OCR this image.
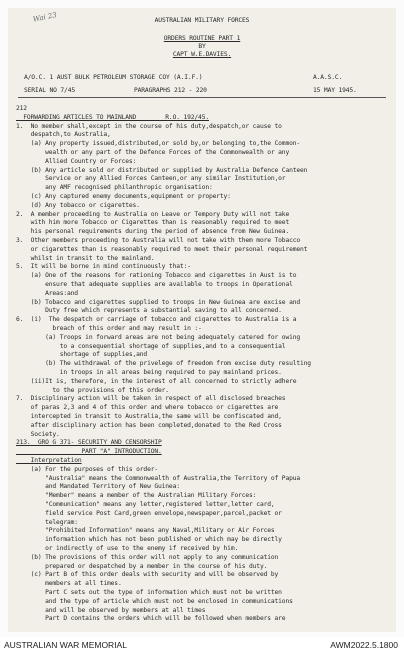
Wai 23	AUSTRALIAN MILITARY FORCES
ORDERS ROUTINE PART 1
BY
CAPT W.E.DAVIES.
A/O.C. 1 AUST BULK PETROLEUM STORAGE COY (A.I.F.)	A.A.S.C.
SERIAL NO 7/45	PARAGRAPHS 212 - 220	15 MAY 1945.
212
FORWARDING ARTICLES TO MAINLAND        R.O. 192/45.
1.  No member shall,except in the course of his duty,despatch,or cause to
despatch,to Australia,
(a) Any property issued,distributed,or sold by,or belonging to,the Common-
wealth or any part of the Defence Forces of the Commonwealth or any
Allied Country or Forces:
(b) Any article sold or distributed or supplied by Australia Defence Canteen
Service or any Allied Forces Canteen,or any similar Institution,or
any AMF recognised philanthropic organisation:
(c) Any captured enemy documents,equipment or property:
(d) Any tobacco or cigarettes.
2.  A member proceeding to Australia on Leave or Tempory Duty will not take
with him more Tobacco or Cigarettes than is reasonably required to meet
his personal requirements during the period of absence from New Guinea.
3.  Other members proceeding to Australia will not take with them more Tobacco
or cigarettes than is reasonably required to meet their personal requirement
whilst in transit to the mainland.
5.  It will be borne in mind continuously that:-
(a) One of the reasons for rationing Tobacco and cigarettes in Aust is to
ensure that adequate supplies are available to troops in Operational
Areas:and
(b) Tobacco and cigarettes supplied to troops in New Guinea are excise and
Duty free which represents a substantial saving to all concerned.
6.  (i)  The despatch or carriage of tobacco and cigarettes to Australia is a
breach of this order and may result in :-
(a) Troops in forward areas are not being adequately catered for owing
to a consequential shortage of supplies,and to a consequential
shortage of supplies,and
(b) The withdrawal of the privelege of freedom from excise duty resulting
in troops in all areas being required to pay mainland prices.
(ii)It is, therefore, in the interest of all concerned to strictly adhere
to the provisions of this order.
7.  Disciplinary action will be taken in respect of all disclosed breaches
of paras 2,3 and 4 of this order and where tobacco or cigarettes are
intercepted in transit to Australia,the same will be confiscated and,
after disciplinary action has been completed,donated to the Red Cross
Society.
213.  GRO G 371- SECURITY AND CENSORSHIP
PART "A" INTRODUCTION.
Interpretation
(a) For the purposes of this order-
"Australia" means the Commonwealth of Australia,the Territory of Papua
and Mandated Territory of New Guinea:
"Member" means a member of the Australian Military Forces:
"Communication" means any letter,registered letter,letter card,
field service Post Card,green envelope,newspaper,parcel,packet or
telegram:
"Prohibited Information" means any Naval,Military or Air Forces
information which has not been published or which may be directly
or indirectly of use to the enemy if received by him.
(b) The provisions of this order will not apply to any communication
prepared or despatched by a member in the course of his duty.
(c) Part B of this order deals with security and will be observed by
members at all times.
Part C sets out the type of information which must not be written
and the type of article which must not be enclosed in communications
and will be observed by members at all times
Part D contains the orders which will be followed when members are
AUSTRALIAN WAR MEMORIAL	AWM2022.5.1800
